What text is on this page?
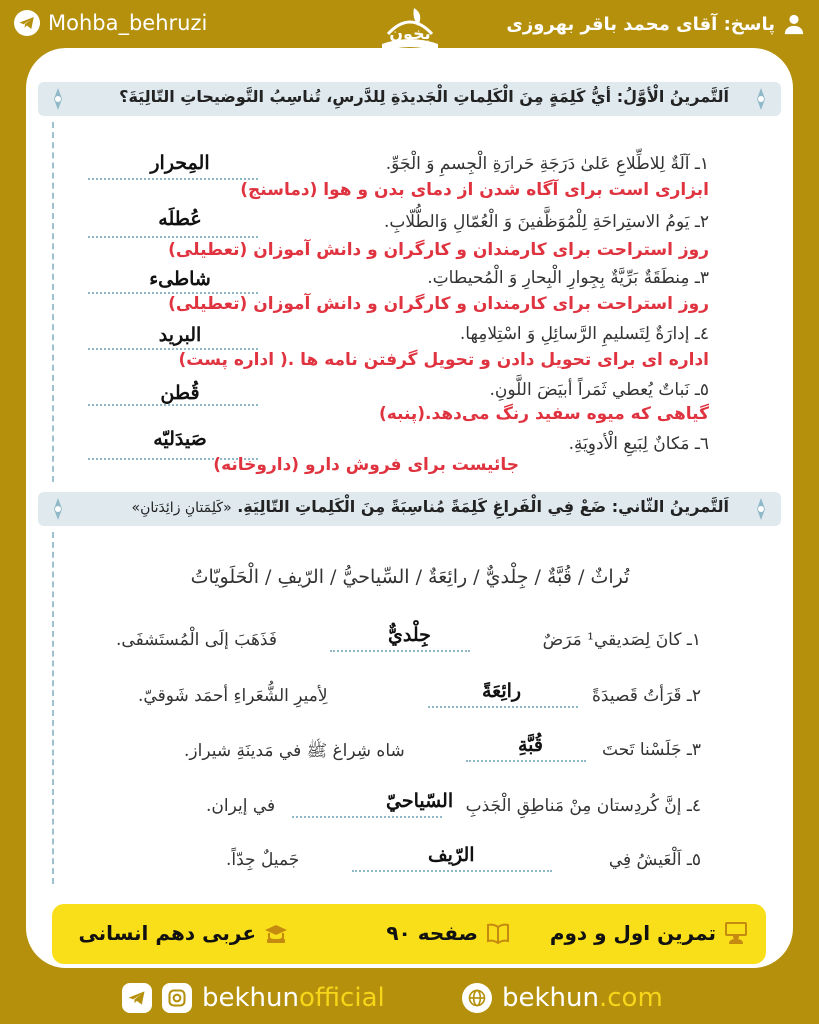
Mohba_behruzi	بخون	پاسخ: آقای محمد باقر بهروزی
اَلتَّمرينُ الْأوَّلُ: أيُّ كَلِمَةٍ مِنَ الْكَلِماتِ الْجَديدَةِ لِلدَّرسِ، تُناسِبُ التَّوضيحاتِ التّالِيَةَ؟
١ـ آلَةٌ لِلاطِّلاعِ عَلىٰ دَرَجَةِ حَرارَةِ الْجِسمِ وَ الْجَوِّ.
المِحرار
ابزاری است برای آگاه شدن از دمای بدن و هوا (دماسنج)
٢ـ يَومُ الاستِراحَةِ لِلْمُوَظَّفينَ وَ الْعُمّالِ وَالطُّلّابِ.
عُطلَه
روز استراحت برای کارمندان و کارگران و دانش آموزان (تعطیلی)
٣ـ مِنطَقَةٌ بَرِّيَّةٌ بِجِوارِ الْبِحارِ وَ الْمُحيطاتِ.
شاطىء
روز استراحت برای کارمندان و کارگران و دانش آموزان (تعطیلی)
٤ـ إدارَةٌ لِتَسليمِ الرَّسائِلِ وَ اسْتِلامِها.
البريد
اداره ای برای تحویل دادن و تحویل گرفتن نامه ها .( اداره پست)
٥ـ نَباتٌ يُعطي ثَمَراً أبيَضَ اللَّونِ.
قُطن
گیاهی که میوه سفید رنگ می‌دهد.(پنبه)
٦ـ مَكانٌ لِبَيعِ الْأدوِيَةِ.
صَيدَليّه
جائیست برای فروش دارو (داروخانه)
اَلتَّمرينُ الثّاني: ضَعْ فِي الْفَراغِ كَلِمَةً مُناسِبَةً مِنَ الْكَلِماتِ التّالِيَةِ. «كَلِمَتانِ زائِدَتانِ»
تُراثٌ / قُبَّةٌ / جِلْديٌّ / رائِعَةٌ / السِّياحيُّ / الرّيفِ / الْحَلَويّاتُ
١ـ كانَ لِصَديقي¹ مَرَضٌ
جِلْديٌّ
فَذَهَبَ إلَى الْمُستَشفَى.
٢ـ قَرَأتُ قَصيدَةً
رائِعَةً
لِأميرِ الشُّعَراءِ أحمَد شَوقيّ.
٣ـ جَلَسْنا تَحتَ
قُبَّةِ
شاه شِراغ ﷺ في مَدينَةِ شيراز.
٤ـ إنَّ كُردِستان مِنْ مَناطِقِ الْجَذبِ
السّياحيّ
في إيران.
٥ـ اَلْعَيشُ فِي
الرّيف
جَميلٌ جِدّاً.
تمرین اول و دوم
صفحه ۹۰
عربی دهم انسانی
bekhunofficial	bekhun.com
